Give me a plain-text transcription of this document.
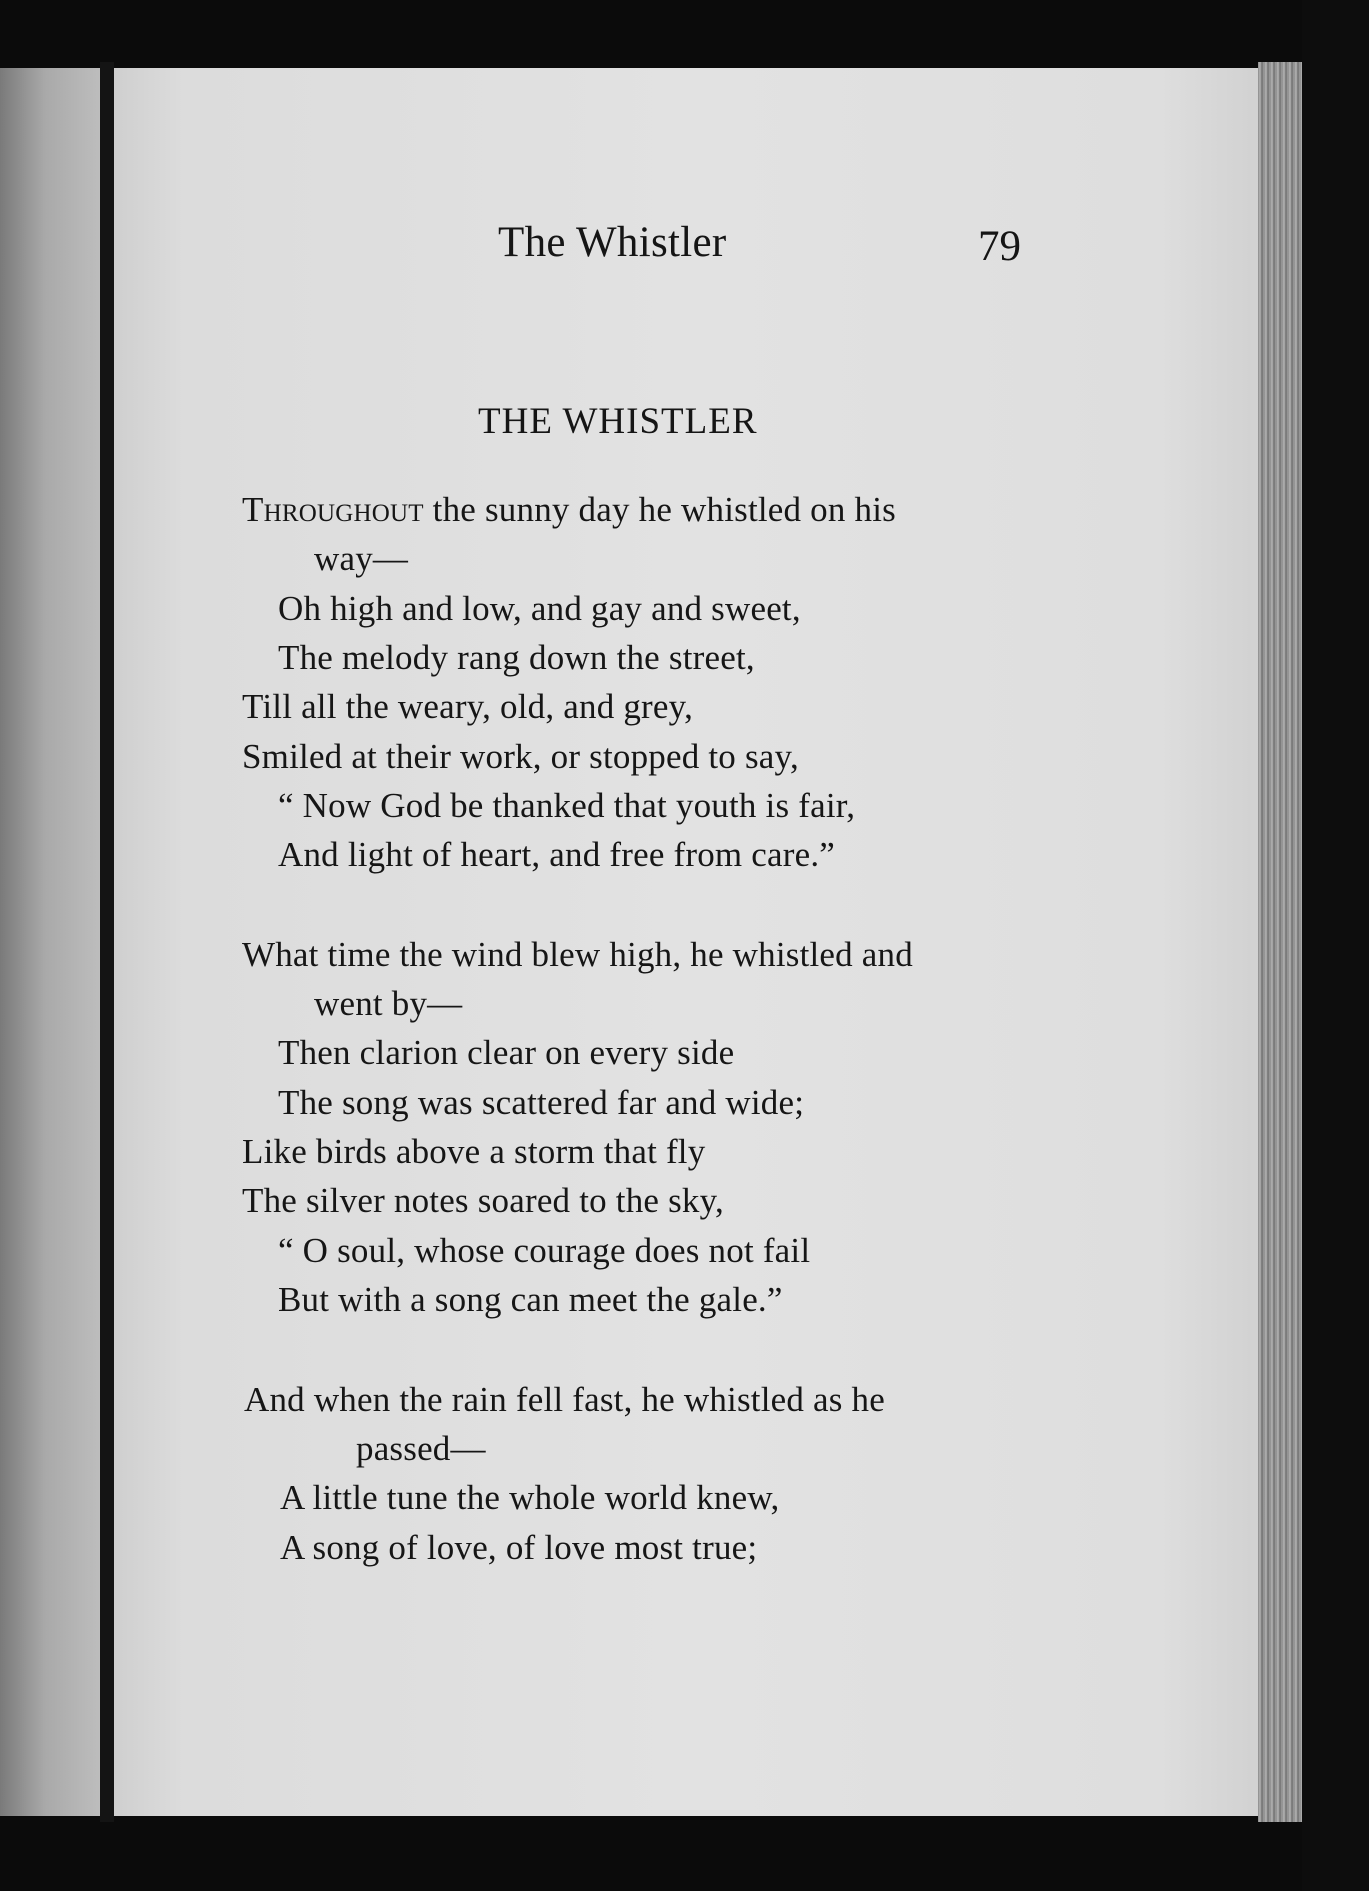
The Whistler	79
THE WHISTLER
Throughout the sunny day he whistled on his
way—
Oh high and low, and gay and sweet,
The melody rang down the street,
Till all the weary, old, and grey,
Smiled at their work, or stopped to say,
“ Now God be thanked that youth is fair,
And light of heart, and free from care.”
What time the wind blew high, he whistled and
went by—
Then clarion clear on every side
The song was scattered far and wide;
Like birds above a storm that fly
The silver notes soared to the sky,
“ O soul, whose courage does not fail
But with a song can meet the gale.”
And when the rain fell fast, he whistled as he
passed—
A little tune the whole world knew,
A song of love, of love most true;
